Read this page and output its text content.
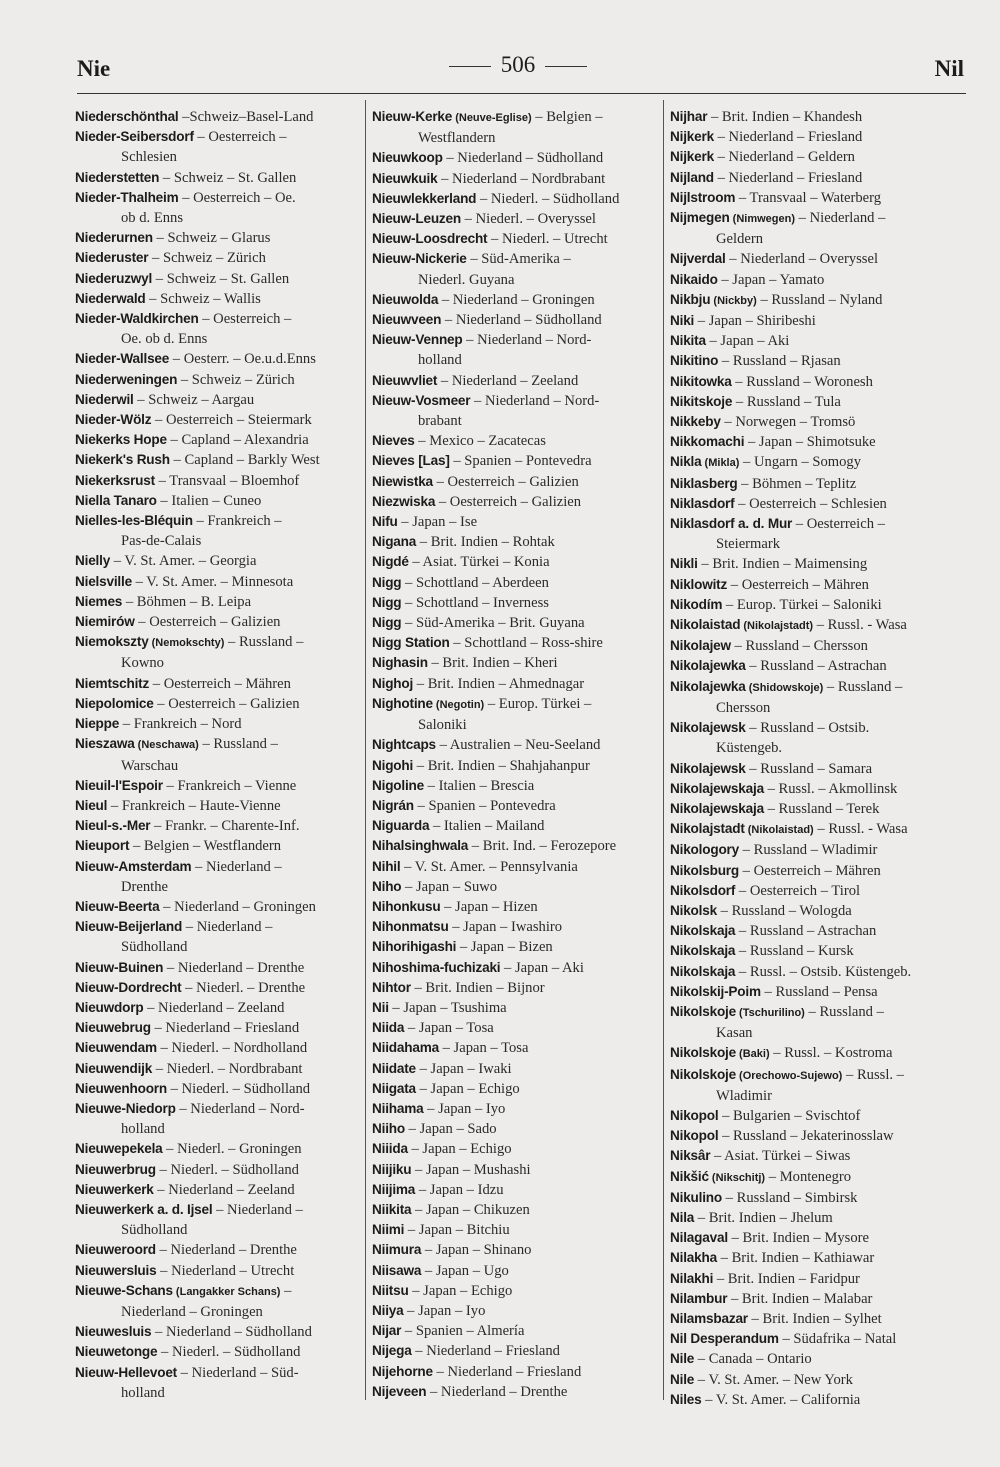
Nie	506	Nil

Niederschönthal –Schweiz–Basel-Land

Nieder-Seibersdorf – Oesterreich –

Schlesien

Niederstetten – Schweiz – St. Gallen

Nieder-Thalheim – Oesterreich – Oe.

ob d. Enns

Niederurnen – Schweiz – Glarus

Niederuster – Schweiz – Zürich

Niederuzwyl – Schweiz – St. Gallen

Niederwald – Schweiz – Wallis

Nieder-Waldkirchen – Oesterreich –

Oe. ob d. Enns

Nieder-Wallsee – Oesterr. – Oe.u.d.Enns

Niederweningen – Schweiz – Zürich

Niederwil – Schweiz – Aargau

Nieder-Wölz – Oesterreich – Steiermark

Niekerks Hope – Capland – Alexandria

Niekerk's Rush – Capland – Barkly West

Niekerksrust – Transvaal – Bloemhof

Niella Tanaro – Italien – Cuneo

Nielles-les-Bléquin – Frankreich –

Pas-de-Calais

Nielly – V. St. Amer. – Georgia

Nielsville – V. St. Amer. – Minnesota

Niemes – Böhmen – B. Leipa

Niemirów – Oesterreich – Galizien

Niemokszty (Nemokschty) – Russland –

Kowno

Niemtschitz – Oesterreich – Mähren

Niepolomice – Oesterreich – Galizien

Nieppe – Frankreich – Nord

Nieszawa (Neschawa) – Russland –

Warschau

Nieuil-l'Espoir – Frankreich – Vienne

Nieul – Frankreich – Haute-Vienne

Nieul-s.-Mer – Frankr. – Charente-Inf.

Nieuport – Belgien – Westflandern

Nieuw-Amsterdam – Niederland –

Drenthe

Nieuw-Beerta – Niederland – Groningen

Nieuw-Beijerland – Niederland –

Südholland

Nieuw-Buinen – Niederland – Drenthe

Nieuw-Dordrecht – Niederl. – Drenthe

Nieuwdorp – Niederland – Zeeland

Nieuwebrug – Niederland – Friesland

Nieuwendam – Niederl. – Nordholland

Nieuwendijk – Niederl. – Nordbrabant

Nieuwenhoorn – Niederl. – Südholland

Nieuwe-Niedorp – Niederland – Nord-

holland

Nieuwepekela – Niederl. – Groningen

Nieuwerbrug – Niederl. – Südholland

Nieuwerkerk – Niederland – Zeeland

Nieuwerkerk a. d. Ijsel – Niederland –

Südholland

Nieuweroord – Niederland – Drenthe

Nieuwersluis – Niederland – Utrecht

Nieuwe-Schans (Langakker Schans) –

Niederland – Groningen

Nieuwesluis – Niederland – Südholland

Nieuwetonge – Niederl. – Südholland

Nieuw-Hellevoet – Niederland – Süd-

holland

Nieuw-Kerke (Neuve-Eglise) – Belgien –

Westflandern

Nieuwkoop – Niederland – Südholland

Nieuwkuik – Niederland – Nordbrabant

Nieuwlekkerland – Niederl. – Südholland

Nieuw-Leuzen – Niederl. – Overyssel

Nieuw-Loosdrecht – Niederl. – Utrecht

Nieuw-Nickerie – Süd-Amerika –

Niederl. Guyana

Nieuwolda – Niederland – Groningen

Nieuwveen – Niederland – Südholland

Nieuw-Vennep – Niederland – Nord-

holland

Nieuwvliet – Niederland – Zeeland

Nieuw-Vosmeer – Niederland – Nord-

brabant

Nieves – Mexico – Zacatecas

Nieves [Las] – Spanien – Pontevedra

Niewistka – Oesterreich – Galizien

Niezwiska – Oesterreich – Galizien

Nifu – Japan – Ise

Nigana – Brit. Indien – Rohtak

Nigdé – Asiat. Türkei – Konia

Nigg – Schottland – Aberdeen

Nigg – Schottland – Inverness

Nigg – Süd-Amerika – Brit. Guyana

Nigg Station – Schottland – Ross-shire

Nighasin – Brit. Indien – Kheri

Nighoj – Brit. Indien – Ahmednagar

Nighotine (Negotin) – Europ. Türkei –

Saloniki

Nightcaps – Australien – Neu-Seeland

Nigohi – Brit. Indien – Shahjahanpur

Nigoline – Italien – Brescia

Nigrán – Spanien – Pontevedra

Niguarda – Italien – Mailand

Nihalsinghwala – Brit. Ind. – Ferozepore

Nihil – V. St. Amer. – Pennsylvania

Niho – Japan – Suwo

Nihonkusu – Japan – Hizen

Nihonmatsu – Japan – Iwashiro

Nihorihigashi – Japan – Bizen

Nihoshima-fuchizaki – Japan – Aki

Nihtor – Brit. Indien – Bijnor

Nii – Japan – Tsushima

Niida – Japan – Tosa

Niidahama – Japan – Tosa

Niidate – Japan – Iwaki

Niigata – Japan – Echigo

Niihama – Japan – Iyo

Niiho – Japan – Sado

Niiida – Japan – Echigo

Niijiku – Japan – Mushashi

Niijima – Japan – Idzu

Niikita – Japan – Chikuzen

Niimi – Japan – Bitchiu

Niimura – Japan – Shinano

Niisawa – Japan – Ugo

Niitsu – Japan – Echigo

Niiya – Japan – Iyo

Nijar – Spanien – Almería

Nijega – Niederland – Friesland

Nijehorne – Niederland – Friesland

Nijeveen – Niederland – Drenthe

Nijhar – Brit. Indien – Khandesh

Nijkerk – Niederland – Friesland

Nijkerk – Niederland – Geldern

Nijland – Niederland – Friesland

Nijlstroom – Transvaal – Waterberg

Nijmegen (Nimwegen) – Niederland –

Geldern

Nijverdal – Niederland – Overyssel

Nikaido – Japan – Yamato

Nikbju (Nickby) – Russland – Nyland

Niki – Japan – Shiribeshi

Nikita – Japan – Aki

Nikitino – Russland – Rjasan

Nikitowka – Russland – Woronesh

Nikitskoje – Russland – Tula

Nikkeby – Norwegen – Tromsö

Nikkomachi – Japan – Shimotsuke

Nikla (Mikla) – Ungarn – Somogy

Niklasberg – Böhmen – Teplitz

Niklasdorf – Oesterreich – Schlesien

Niklasdorf a. d. Mur – Oesterreich –

Steiermark

Nikli – Brit. Indien – Maimensing

Niklowitz – Oesterreich – Mähren

Nikodím – Europ. Türkei – Saloniki

Nikolaistad (Nikolajstadt) – Russl. - Wasa

Nikolajew – Russland – Chersson

Nikolajewka – Russland – Astrachan

Nikolajewka (Shidowskoje) – Russland –

Chersson

Nikolajewsk – Russland – Ostsib.

Küstengeb.

Nikolajewsk – Russland – Samara

Nikolajewskaja – Russl. – Akmollinsk

Nikolajewskaja – Russland – Terek

Nikolajstadt (Nikolaistad) – Russl. - Wasa

Nikologory – Russland – Wladimir

Nikolsburg – Oesterreich – Mähren

Nikolsdorf – Oesterreich – Tirol

Nikolsk – Russland – Wologda

Nikolskaja – Russland – Astrachan

Nikolskaja – Russland – Kursk

Nikolskaja – Russl. – Ostsib. Küstengeb.

Nikolskij-Poim – Russland – Pensa

Nikolskoje (Tschurilino) – Russland –

Kasan

Nikolskoje (Baki) – Russl. – Kostroma

Nikolskoje (Orechowo-Sujewo) – Russl. –

Wladimir

Nikopol – Bulgarien – Svischtof

Nikopol – Russland – Jekaterinosslaw

Niksâr – Asiat. Türkei – Siwas

Nikšić (Nikschitj) – Montenegro

Nikulino – Russland – Simbirsk

Nila – Brit. Indien – Jhelum

Nilagaval – Brit. Indien – Mysore

Nilakha – Brit. Indien – Kathiawar

Nilakhi – Brit. Indien – Faridpur

Nilambur – Brit. Indien – Malabar

Nilamsbazar – Brit. Indien – Sylhet

Nil Desperandum – Südafrika – Natal

Nile – Canada – Ontario

Nile – V. St. Amer. – New York

Niles – V. St. Amer. – California
